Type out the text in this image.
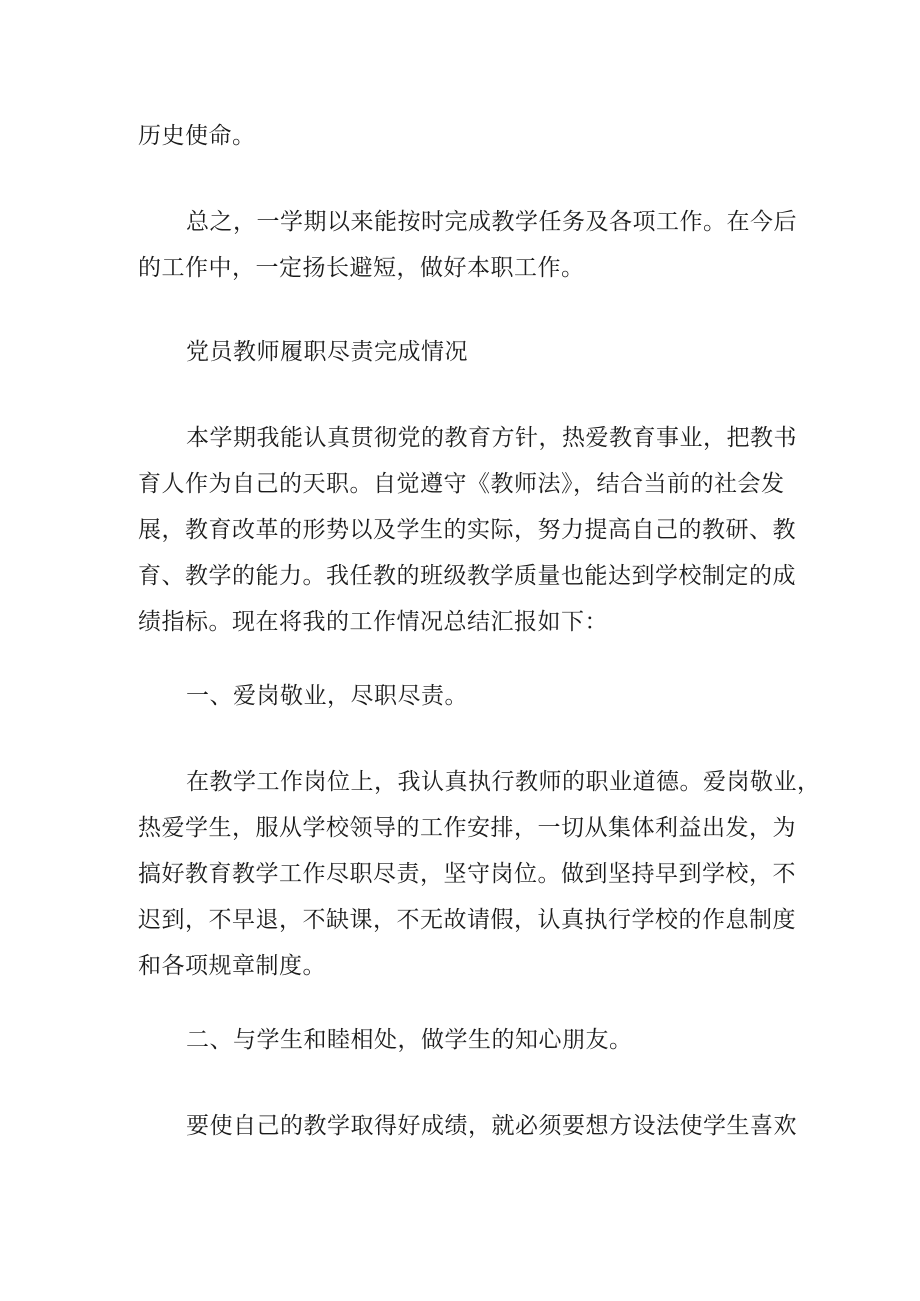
历史使命。

总之，一学期以来能按时完成教学任务及各项工作。在今后
的工作中，一定扬长避短，做好本职工作。

党员教师履职尽责完成情况

本学期我能认真贯彻党的教育方针，热爱教育事业，把教书
育人作为自己的天职。自觉遵守《教师法》，结合当前的社会发
展，教育改革的形势以及学生的实际，努力提高自己的教研、教
育、教学的能力。我任教的班级教学质量也能达到学校制定的成
绩指标。现在将我的工作情况总结汇报如下：

一、爱岗敬业，尽职尽责。

在教学工作岗位上，我认真执行教师的职业道德。爱岗敬业，
热爱学生，服从学校领导的工作安排，一切从集体利益出发，为
搞好教育教学工作尽职尽责，坚守岗位。做到坚持早到学校，不
迟到，不早退，不缺课，不无故请假，认真执行学校的作息制度
和各项规章制度。

二、与学生和睦相处，做学生的知心朋友。

要使自己的教学取得好成绩，就必须要想方设法使学生喜欢
